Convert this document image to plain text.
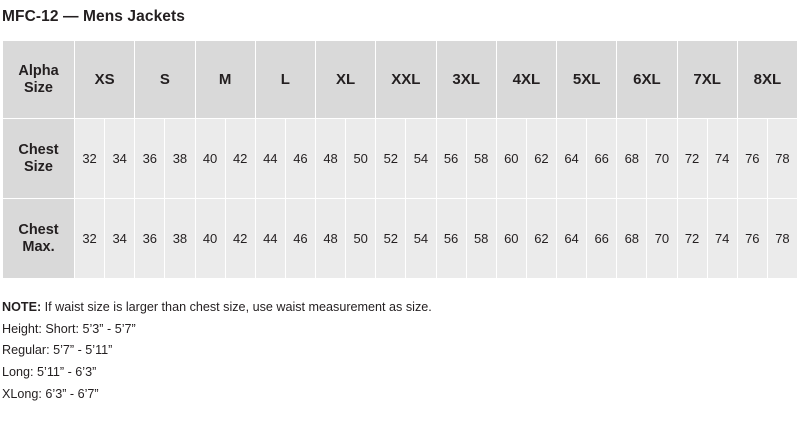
MFC-12 — Mens Jackets
Alpha Size	XS		S		M		L		XL		XXL		3XL		4XL		5XL		6XL		7XL		8XL	
Chest Size	32	34	36	38	40	42	44	46	48	50	52	54	56	58	60	62	64	66	68	70	72	74	76	78
Chest Max.	32	34	36	38	40	42	44	46	48	50	52	54	56	58	60	62	64	66	68	70	72	74	76	78
NOTE: If waist size is larger than chest size, use waist measurement as size.
Height: Short: 5’3” - 5’7”
Regular: 5’7” - 5’11”
Long: 5’11” - 6’3”
XLong: 6’3” - 6’7”
